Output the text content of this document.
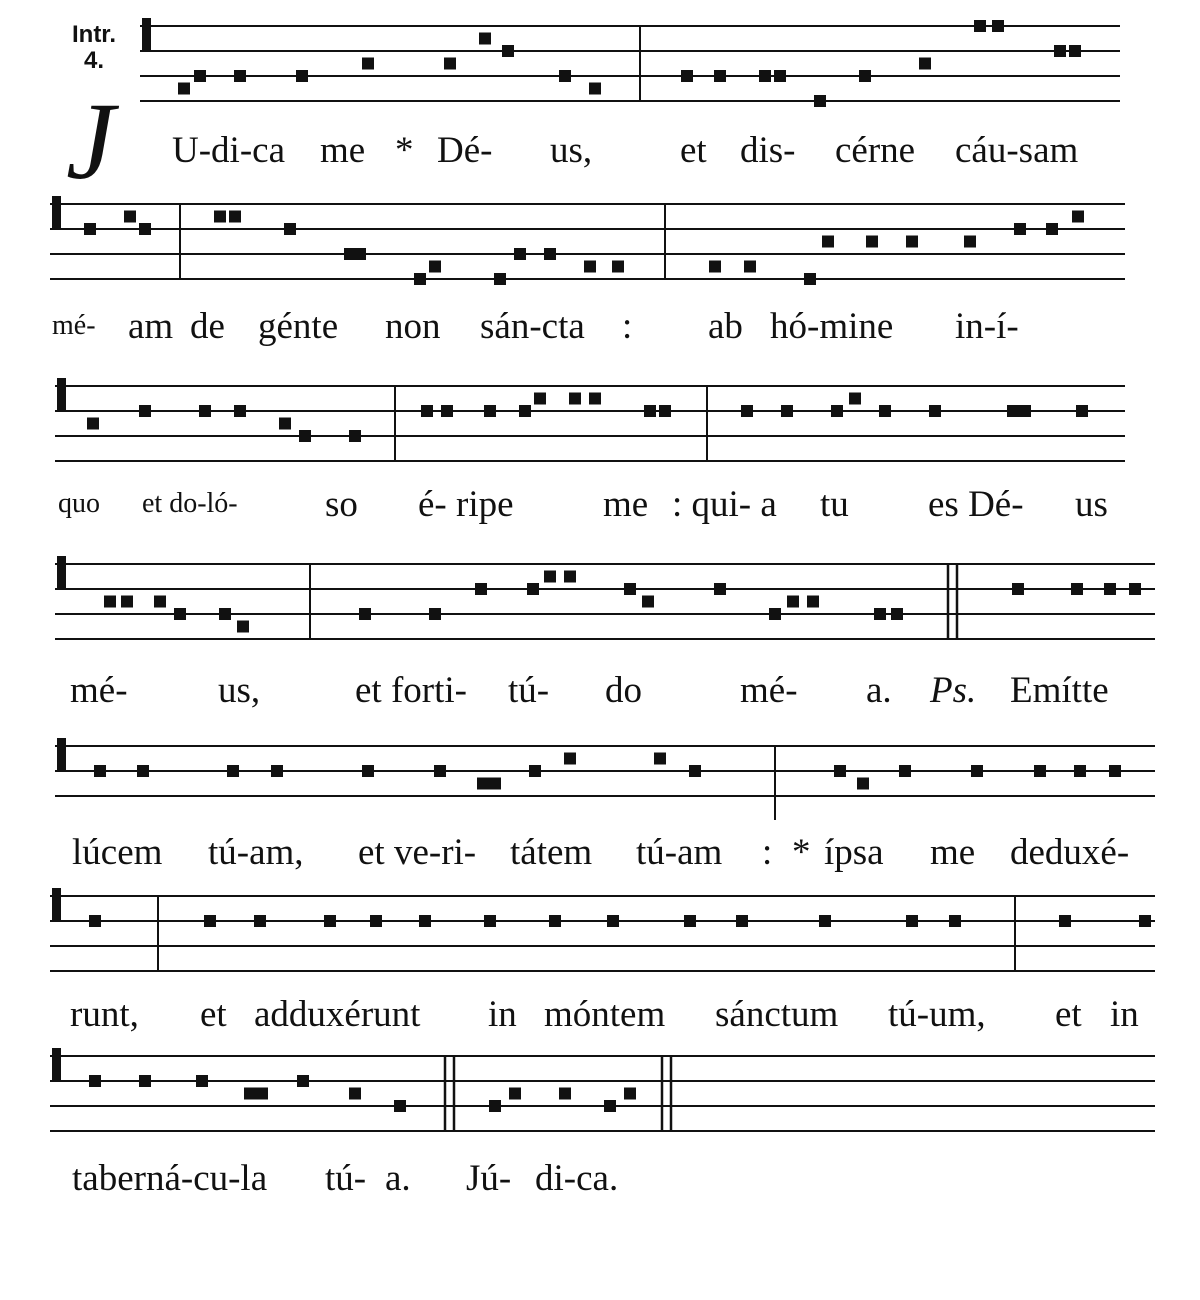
Intr.
4.
J U-di-ca me * Dé- us, et dis- cérne cáu-sam
mé- am de génte non sán-cta : ab hó-mine in-í-
quo et do-ló- so é- ripe me : qui- a tu es Dé- us
mé- us,	et forti- tú- do	mé- a. Ps. Emítte
lúcem tú-am, et ve-ri- tátem tú-am : * ípsa me deduxé-
runt, et adduxérunt in móntem sánctum tú-um, et in
taberná-cu-la tú- a. Jú- di-ca.
